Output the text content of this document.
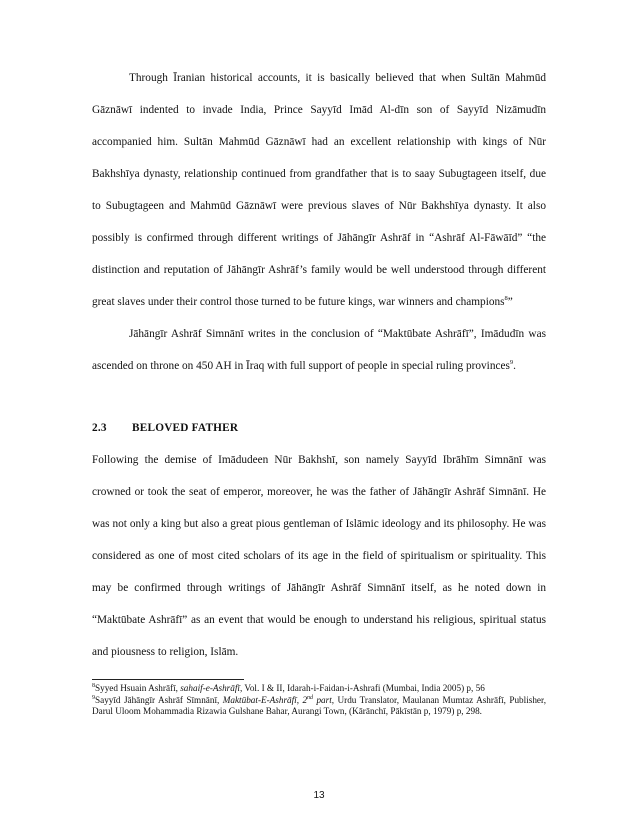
Through Īranian historical accounts, it is basically believed that when Sultān Mahmūd Gāznāwī indented to invade India, Prince Sayyīd Imād Al-dīn son of Sayyīd Nizāmudīn accompanied him. Sultān Mahmūd Gāznāwī had an excellent relationship with kings of Nūr Bakhshīya dynasty, relationship continued from grandfather that is to saay Subugtageen itself, due to Subugtageen and Mahmūd Gāznāwī were previous slaves of Nūr Bakhshīya dynasty. It also possibly is confirmed through different writings of Jāhāngīr Ashrāf in “Ashrāf Al-Fāwāīd” “the distinction and reputation of Jāhāngīr Ashrāf’s family would be well understood through different great slaves under their control those turned to be future kings, war winners and champions$^8$”

Jāhāngīr Ashrāf Simnānī writes in the conclusion of “Maktūbate Ashrāfī”, Imādudīn was ascended on throne on 450 AH in Īraq with full support of people in special ruling provinces$^9$.

2.3 BELOVED FATHER

Following the demise of Imādudeen Nūr Bakhshī, son namely Sayyīd Ibrāhīm Simnānī was crowned or took the seat of emperor, moreover, he was the father of Jāhāngīr Ashrāf Simnānī. He was not only a king but also a great pious gentleman of Islāmic ideology and its philosophy. He was considered as one of most cited scholars of its age in the field of spiritualism or spirituality. This may be confirmed through writings of Jāhāngīr Ashrāf Simnānī itself, as he noted down in “Maktūbate Ashrāfī” as an event that would be enough to understand his religious, spiritual status and piousness to religion, Islām.

$^8$Syyed Hsuain Ashrāfī, sahaif-e-Ashrāfī, Vol. I & II, Idarah-i-Faidan-i-Ashrafi (Mumbai, India 2005) p, 56

$^9$Sayyīd Jāhāngīr Ashrāf Sīmnānī, Maktūbat-E-Ashrāfī, 2nd part, Urdu Translator, Maulanan Mumtaz Ashrāfī, Publisher, Darul Uloom Mohammadia Rizawia Gulshane Bahar, Aurangi Town, (Kārānchī, Pākīstān p, 1979) p, 298.

13
